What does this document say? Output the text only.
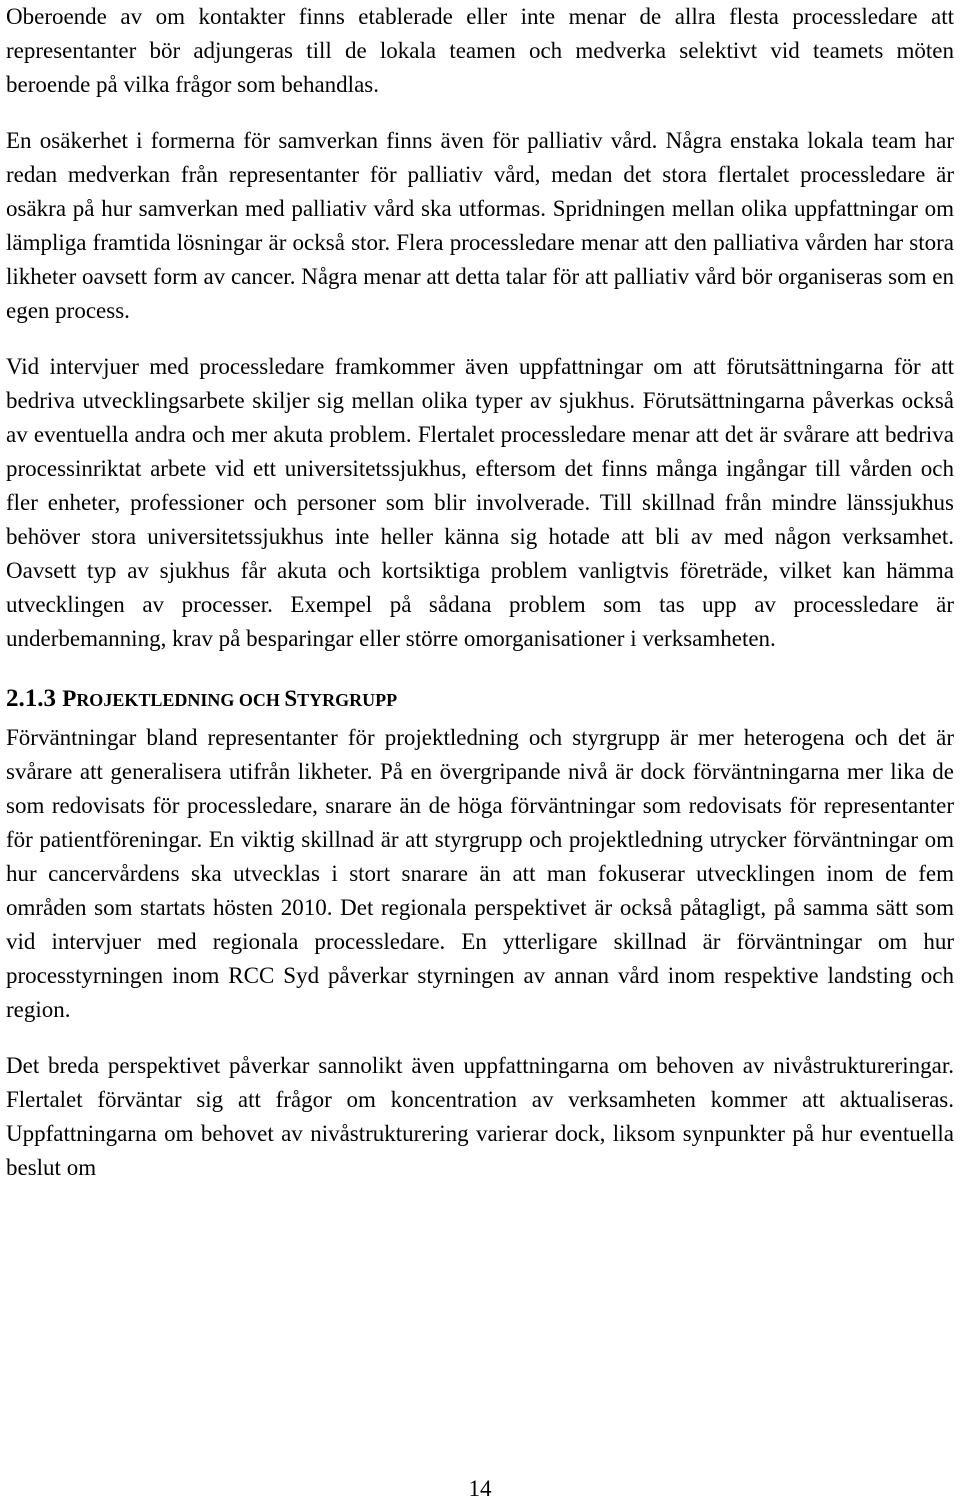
Oberoende av om kontakter finns etablerade eller inte menar de allra flesta processledare att representanter bör adjungeras till de lokala teamen och medverka selektivt vid teamets möten beroende på vilka frågor som behandlas.

En osäkerhet i formerna för samverkan finns även för palliativ vård. Några enstaka lokala team har redan medverkan från representanter för palliativ vård, medan det stora flertalet processledare är osäkra på hur samverkan med palliativ vård ska utformas. Spridningen mellan olika uppfattningar om lämpliga framtida lösningar är också stor. Flera processledare menar att den palliativa vården har stora likheter oavsett form av cancer. Några menar att detta talar för att palliativ vård bör organiseras som en egen process.

Vid intervjuer med processledare framkommer även uppfattningar om att förutsättningarna för att bedriva utvecklingsarbete skiljer sig mellan olika typer av sjukhus. Förutsättningarna påverkas också av eventuella andra och mer akuta problem. Flertalet processledare menar att det är svårare att bedriva processinriktat arbete vid ett universitetssjukhus, eftersom det finns många ingångar till vården och fler enheter, professioner och personer som blir involverade. Till skillnad från mindre länssjukhus behöver stora universitetssjukhus inte heller känna sig hotade att bli av med någon verksamhet. Oavsett typ av sjukhus får akuta och kortsiktiga problem vanligtvis företräde, vilket kan hämma utvecklingen av processer. Exempel på sådana problem som tas upp av processledare är underbemanning, krav på besparingar eller större omorganisationer i verksamheten.

2.1.3 PROJEKTLEDNING OCH STYRGRUPP

Förväntningar bland representanter för projektledning och styrgrupp är mer heterogena och det är svårare att generalisera utifrån likheter. På en övergripande nivå är dock förväntningarna mer lika de som redovisats för processledare, snarare än de höga förväntningar som redovisats för representanter för patientföreningar. En viktig skillnad är att styrgrupp och projektledning utrycker förväntningar om hur cancervårdens ska utvecklas i stort snarare än att man fokuserar utvecklingen inom de fem områden som startats hösten 2010. Det regionala perspektivet är också påtagligt, på samma sätt som vid intervjuer med regionala processledare. En ytterligare skillnad är förväntningar om hur processtyrningen inom RCC Syd påverkar styrningen av annan vård inom respektive landsting och region.

Det breda perspektivet påverkar sannolikt även uppfattningarna om behoven av nivåstruktureringar. Flertalet förväntar sig att frågor om koncentration av verksamheten kommer att aktualiseras. Uppfattningarna om behovet av nivåstrukturering varierar dock, liksom synpunkter på hur eventuella beslut om

14
